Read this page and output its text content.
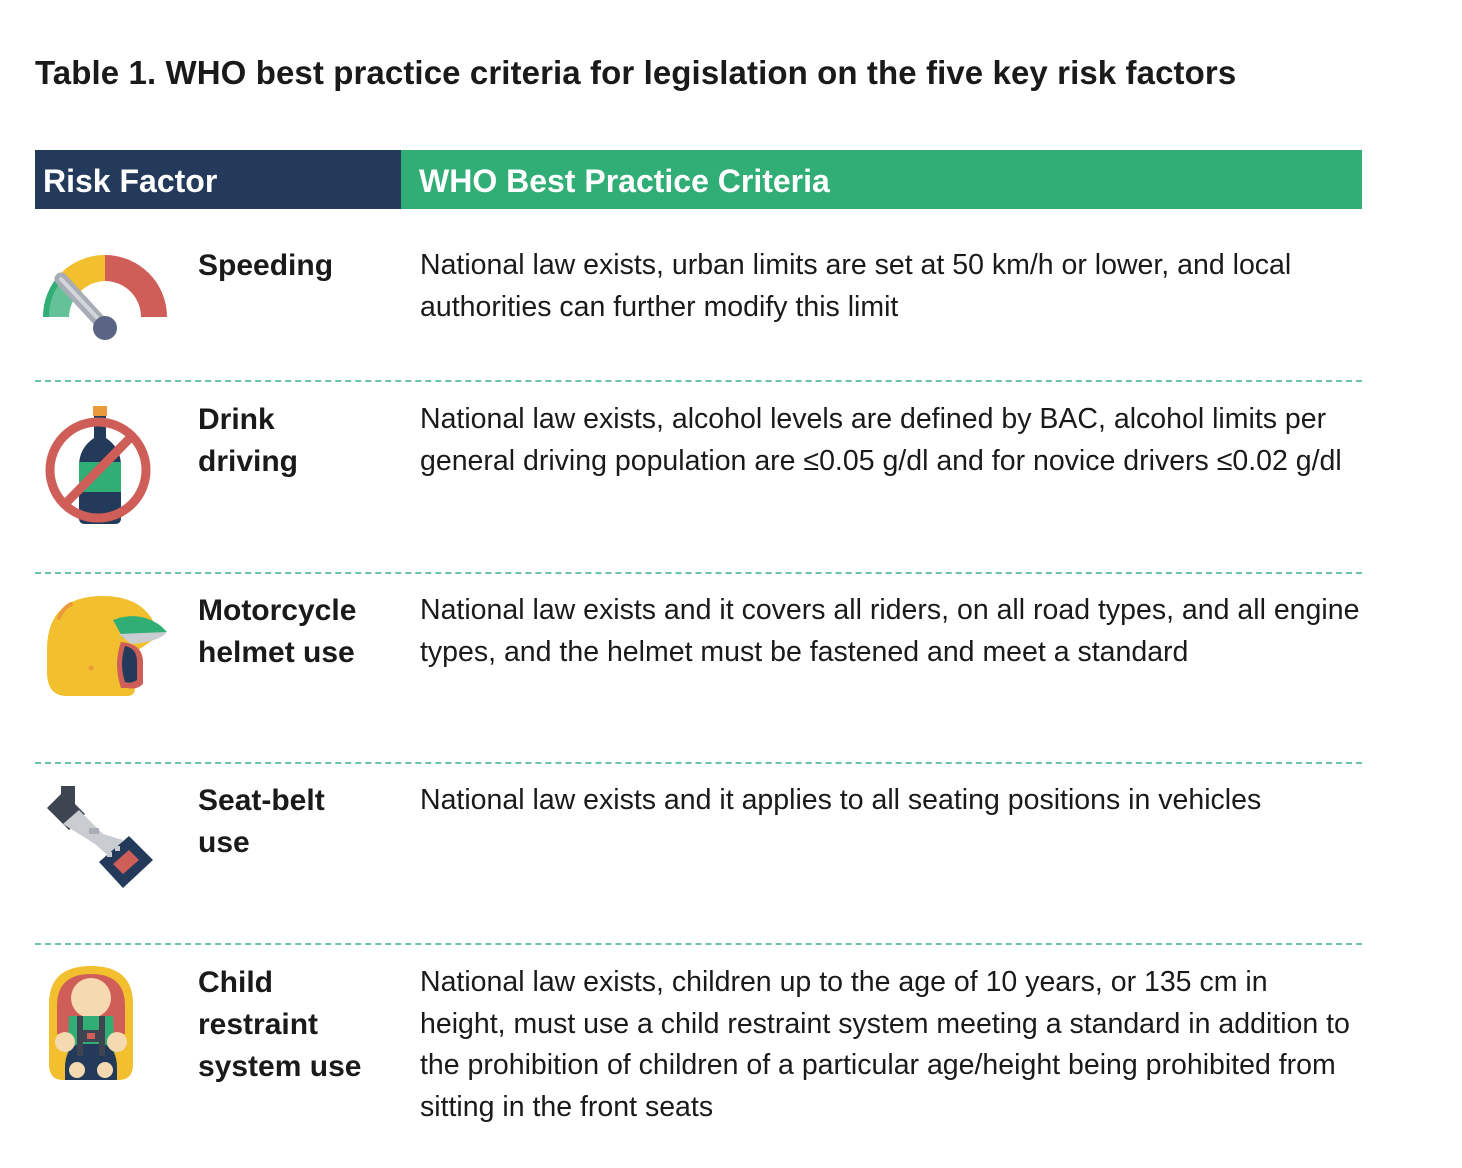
Table 1. WHO best practice criteria for legislation on the five key risk factors
Risk Factor	WHO Best Practice Criteria
Speeding	National law exists, urban limits are set at 50 km/h or lower, and local authorities can further modify this limit
Drink driving
National law exists, alcohol levels are defined by BAC, alcohol limits per general driving population are ≤0.05 g/dl and for novice drivers ≤0.02 g/dl
Motorcycle helmet use
National law exists and it covers all riders, on all road types, and all engine types, and the helmet must be fastened and meet a standard
Seat-belt use
National law exists and it applies to all seating positions in vehicles
Child restraint system use
National law exists, children up to the age of 10 years, or 135 cm in height, must use a child restraint system meeting a standard in addition to the prohibition of children of a particular age/height being prohibited from sitting in the front seats
